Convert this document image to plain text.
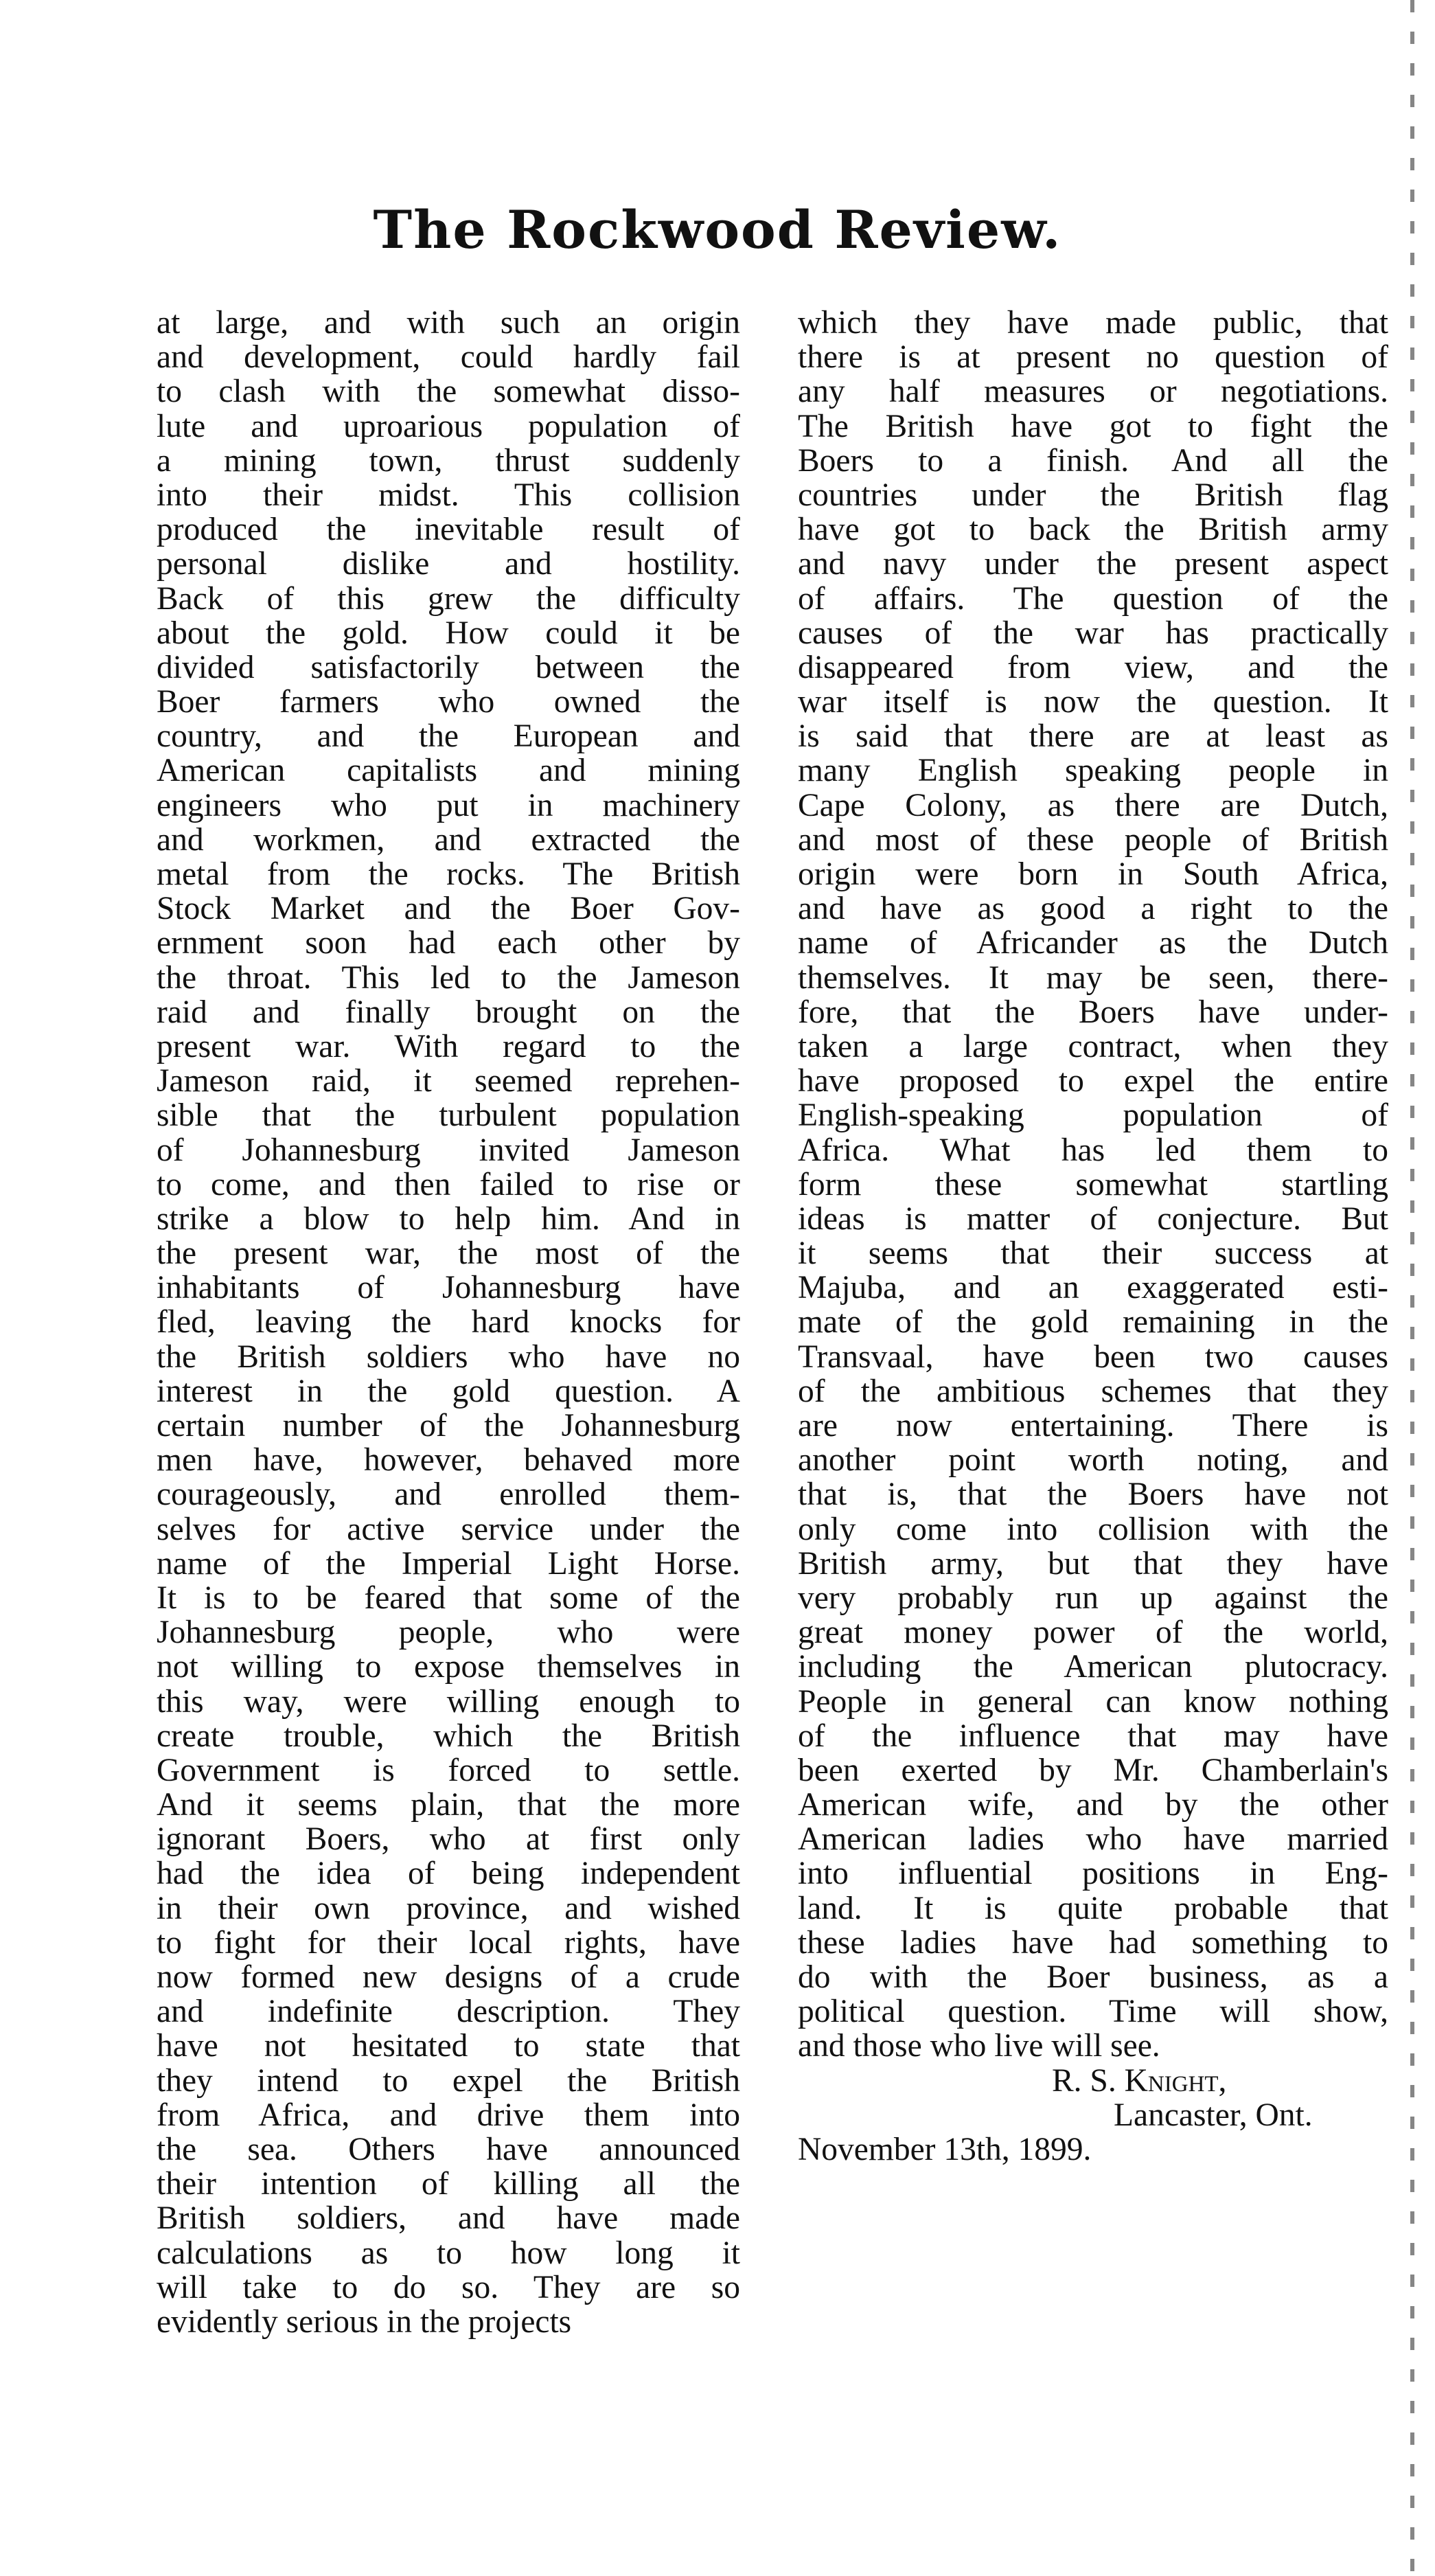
The Rockwood Review.
at large, and with such an origin
and development, could hardly fail
to clash with the somewhat disso-
lute and uproarious population of
a mining town, thrust suddenly
into their midst. This collision
produced the inevitable result of
personal dislike and hostility.
Back of this grew the difficulty
about the gold. How could it be
divided satisfactorily between the
Boer farmers who owned the
country, and the European and
American capitalists and mining
engineers who put in machinery
and workmen, and extracted the
metal from the rocks. The British
Stock Market and the Boer Gov-
ernment soon had each other by
the throat. This led to the Jameson
raid and finally brought on the
present war. With regard to the
Jameson raid, it seemed reprehen-
sible that the turbulent population
of Johannesburg invited Jameson
to come, and then failed to rise or
strike a blow to help him. And in
the present war, the most of the
inhabitants of Johannesburg have
fled, leaving the hard knocks for
the British soldiers who have no
interest in the gold question. A
certain number of the Johannesburg
men have, however, behaved more
courageously, and enrolled them-
selves for active service under the
name of the Imperial Light Horse.
It is to be feared that some of the
Johannesburg people, who were
not willing to expose themselves in
this way, were willing enough to
create trouble, which the British
Government is forced to settle.
And it seems plain, that the more
ignorant Boers, who at first only
had the idea of being independent
in their own province, and wished
to fight for their local rights, have
now formed new designs of a crude
and indefinite description. They
have not hesitated to state that
they intend to expel the British
from Africa, and drive them into
the sea. Others have announced
their intention of killing all the
British soldiers, and have made
calculations as to how long it
will take to do so. They are so
evidently serious in the projects
which they have made public, that
there is at present no question of
any half measures or negotiations.
The British have got to fight the
Boers to a finish. And all the
countries under the British flag
have got to back the British army
and navy under the present aspect
of affairs. The question of the
causes of the war has practically
disappeared from view, and the
war itself is now the question. It
is said that there are at least as
many English speaking people in
Cape Colony, as there are Dutch,
and most of these people of British
origin were born in South Africa,
and have as good a right to the
name of Africander as the Dutch
themselves. It may be seen, there-
fore, that the Boers have under-
taken a large contract, when they
have proposed to expel the entire
English-speaking population of
Africa. What has led them to
form these somewhat startling
ideas is matter of conjecture. But
it seems that their success at
Majuba, and an exaggerated esti-
mate of the gold remaining in the
Transvaal, have been two causes
of the ambitious schemes that they
are now entertaining. There is
another point worth noting, and
that is, that the Boers have not
only come into collision with the
British army, but that they have
very probably run up against the
great money power of the world,
including the American plutocracy.
People in general can know nothing
of the influence that may have
been exerted by Mr. Chamberlain's
American wife, and by the other
American ladies who have married
into influential positions in Eng-
land. It is quite probable that
these ladies have had something to
do with the Boer business, as a
political question. Time will show,
and those who live will see.
R. S. Knight,
Lancaster, Ont.
November 13th, 1899.
